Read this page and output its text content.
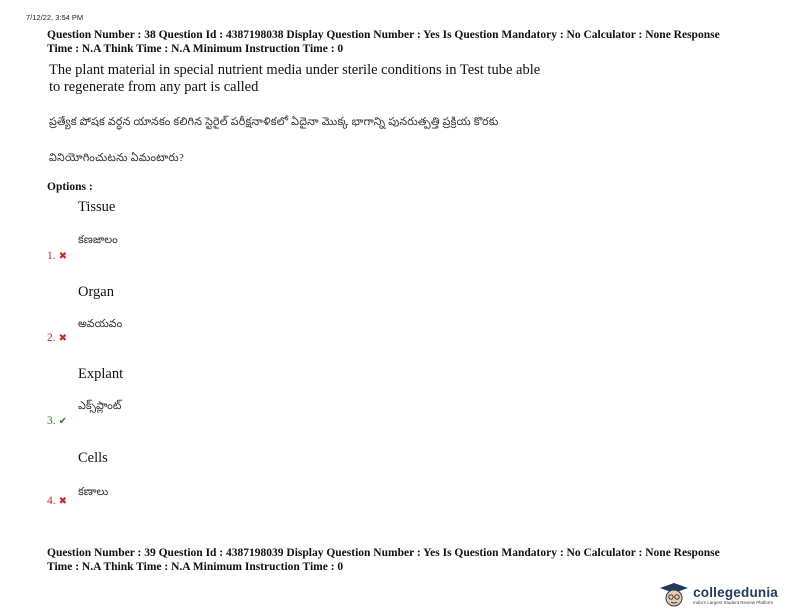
7/12/22, 3:54 PM
Question Number : 38 Question Id : 4387198038 Display Question Number : Yes Is Question Mandatory : No Calculator : None Response
Time : N.A Think Time : N.A Minimum Instruction Time : 0
The plant material in special nutrient media under sterile conditions in Test tube able
to regenerate from any part is called
ప్రత్యేక పోషక వర్ధన యానకం కలిగిన స్టెరైల్ పరీక్షనాళికలో ఏదైనా మొక్క భాగాన్ని పునరుత్పత్తి ప్రక్రియ కొరకు
వినియోగించుటను ఏమంటారు?
Options :
Tissue
కణజాలం
1. ✖
Organ
అవయవం
2. ✖
Explant
ఎక్స్‌ప్లాంట్
3. ✔
Cells
కణాలు
4. ✖
Question Number : 39 Question Id : 4387198039 Display Question Number : Yes Is Question Mandatory : No Calculator : None Response
Time : N.A Think Time : N.A Minimum Instruction Time : 0
collegedunia
India's Largest Student Review Platform
